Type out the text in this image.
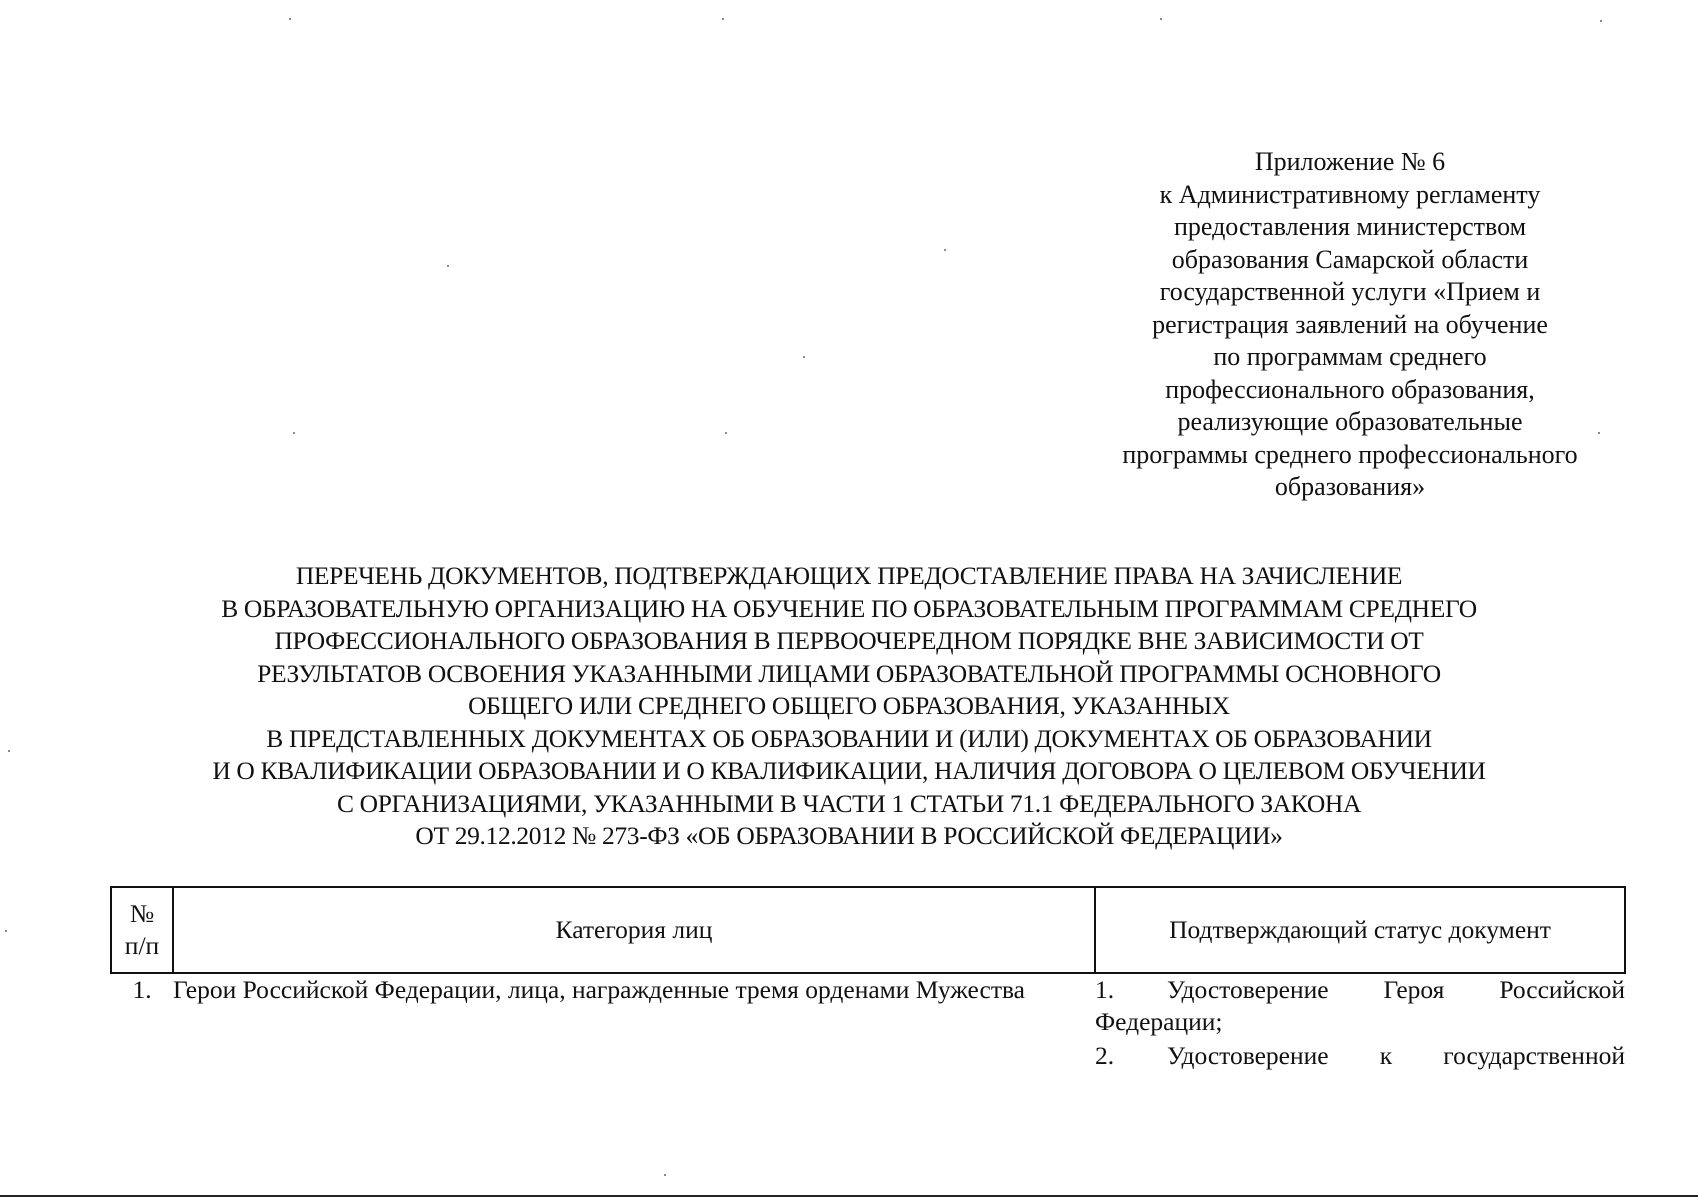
Приложение № 6
к Административному регламенту
предоставления министерством
образования Самарской области
государственной услуги «Прием и
регистрация заявлений на обучение
по программам среднего
профессионального образования,
реализующие образовательные
программы среднего профессионального
образования»
ПЕРЕЧЕНЬ ДОКУМЕНТОВ, ПОДТВЕРЖДАЮЩИХ ПРЕДОСТАВЛЕНИЕ ПРАВА НА ЗАЧИСЛЕНИЕ
В ОБРАЗОВАТЕЛЬНУЮ ОРГАНИЗАЦИЮ НА ОБУЧЕНИЕ ПО ОБРАЗОВАТЕЛЬНЫМ ПРОГРАММАМ СРЕДНЕГО
ПРОФЕССИОНАЛЬНОГО ОБРАЗОВАНИЯ В ПЕРВООЧЕРЕДНОМ ПОРЯДКЕ ВНЕ ЗАВИСИМОСТИ ОТ
РЕЗУЛЬТАТОВ ОСВОЕНИЯ УКАЗАННЫМИ ЛИЦАМИ ОБРАЗОВАТЕЛЬНОЙ ПРОГРАММЫ ОСНОВНОГО
ОБЩЕГО ИЛИ СРЕДНЕГО ОБЩЕГО ОБРАЗОВАНИЯ, УКАЗАННЫХ
В ПРЕДСТАВЛЕННЫХ ДОКУМЕНТАХ ОБ ОБРАЗОВАНИИ И (ИЛИ) ДОКУМЕНТАХ ОБ ОБРАЗОВАНИИ
И О КВАЛИФИКАЦИИ ОБРАЗОВАНИИ И О КВАЛИФИКАЦИИ, НАЛИЧИЯ ДОГОВОРА О ЦЕЛЕВОМ ОБУЧЕНИИ
С ОРГАНИЗАЦИЯМИ, УКАЗАННЫМИ В ЧАСТИ 1 СТАТЬИ 71.1 ФЕДЕРАЛЬНОГО ЗАКОНА
ОТ 29.12.2012 № 273-ФЗ «ОБ ОБРАЗОВАНИИ В РОССИЙСКОЙ ФЕДЕРАЦИИ»
№
п/п	Категория лиц	Подтверждающий статус документ
1.	Герои Российской Федерации, лица, награжденные тремя орденами Мужества	1. Удостоверение Героя Российской Федерации;
2. Удостоверение к государственной
